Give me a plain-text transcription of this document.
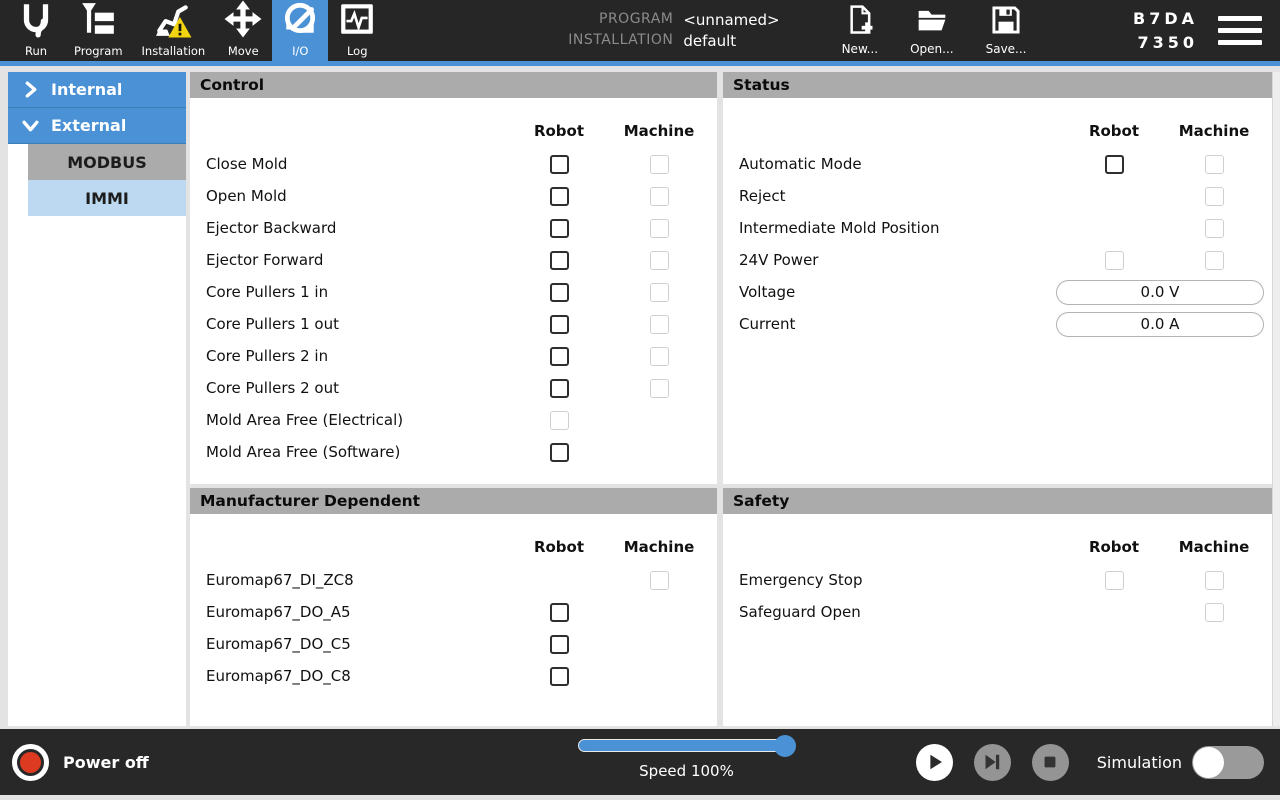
Run Program Installation Move	I/O	Log
PROGRAM <unnamed>
INSTALLATION default	New...	Open...	Save...
B7DA
7350
Internal
External
MODBUS
IMMI
Control
Robot	Machine
Close Mold
Open Mold
Ejector Backward
Ejector Forward
Core Pullers 1 in
Core Pullers 1 out
Core Pullers 2 in
Core Pullers 2 out
Mold Area Free (Electrical)
Mold Area Free (Software)
Manufacturer Dependent
Robot	Machine
Euromap67_DI_ZC8
Euromap67_DO_A5
Euromap67_DO_C5
Euromap67_DO_C8
Status
Robot	Machine
Automatic Mode
Reject
Intermediate Mold Position
24V Power
Voltage	0.0 V
Current	0.0 A
Safety
Robot	Machine
Emergency Stop
Safeguard Open
Power off	Speed 100%	Simulation
